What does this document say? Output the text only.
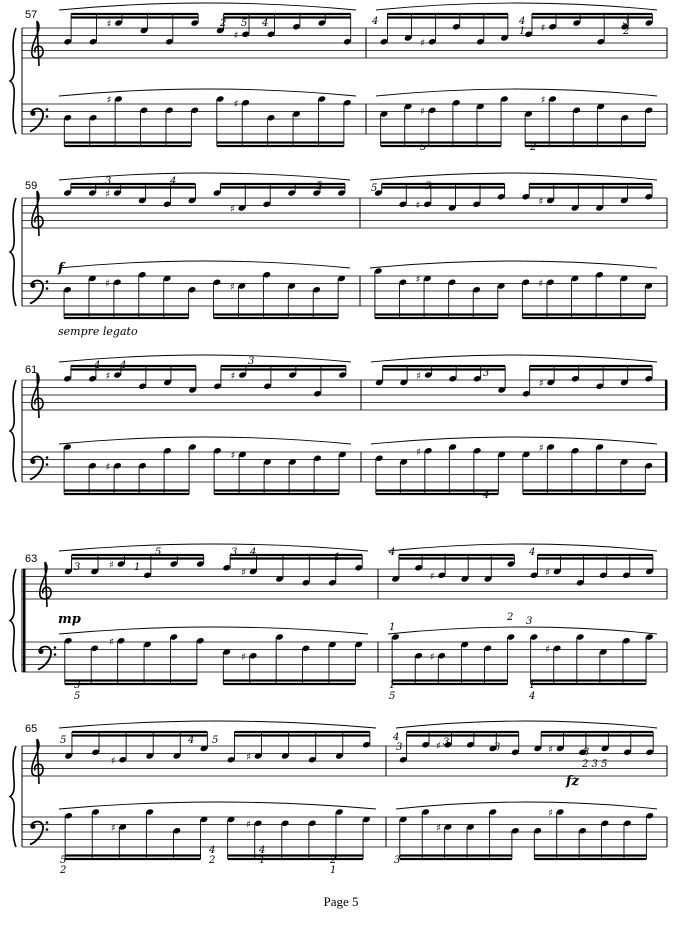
♯
♯
♯
♯
♯	♯
♯
♯
57
2 5 4	4	4
1
3
2
5	2
♯
♯	♯	♯
♯	♯
♯	♯
59	3	4	5	5	3
f
sempre legato
♯	♯	♯
♯
♯
♯	♯	♯
61	4 4	3
3
4
♯
♯	♯	♯
♯
♯	♯
♯
63
3	1
5	3 4	1	4	4
1
2
3
5
1
5
1
4
mp
♯	♯
♯	♯
♯	♯	♯
♯
65
5	4 5
3	3	3	3
2 3 5
4
3
5
2
4
2
4
1	2
1
3
fz
Page 5
